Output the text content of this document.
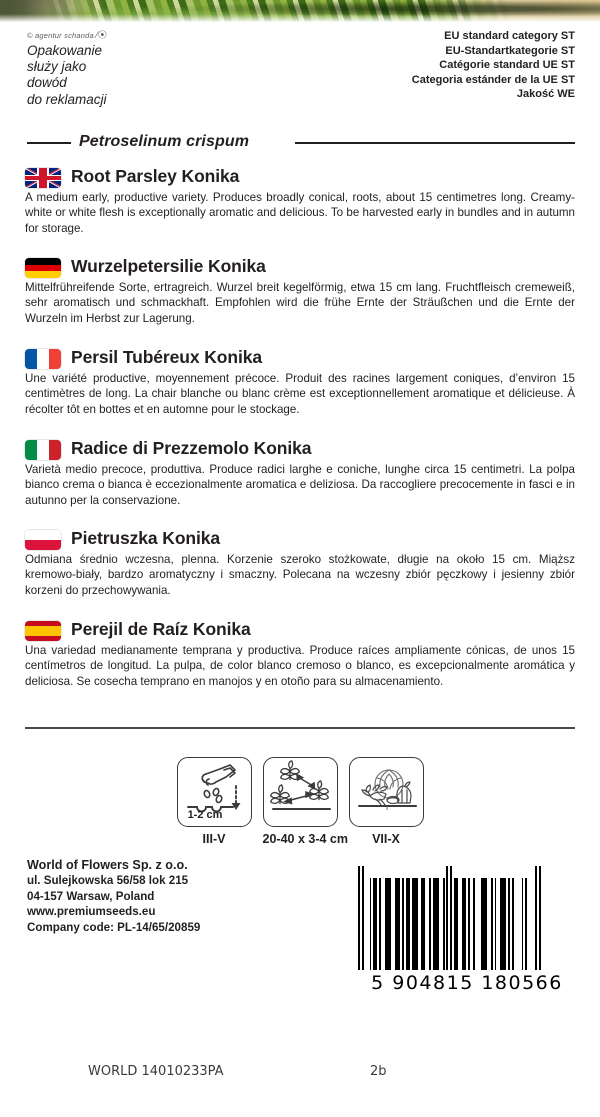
© agentur schanda ⁄⦿
Opakowanie
służy jako
dowód
do reklamacji
EU standard category ST
EU-Standartkategorie ST
Catégorie standard UE ST
Categoria estánder de la UE ST
Jakość WE
Petroselinum crispum
Root Parsley Konika
A medium early, productive variety. Produces broadly conical, roots, about 15 centimetres long. Creamy-white or white flesh is exceptionally aromatic and delicious. To be harvested early in bundles and in autumn for storage.
Wurzelpetersilie Konika
Mittelfrühreifende Sorte, ertragreich. Wurzel breit kegelförmig, etwa 15 cm lang. Fruchtfleisch cremeweiß, sehr aromatisch und schmackhaft. Empfohlen wird die frühe Ernte der Sträußchen und die Ernte der Wurzeln im Herbst zur Lagerung.
Persil Tubéreux Konika
Une variété productive, moyennement précoce. Produit des racines largement coniques, d’environ 15 centimètres de long. La chair blanche ou blanc crème est exceptionnellement aromatique et délicieuse. À récolter tôt en bottes et en automne pour le stockage.
Radice di Prezzemolo Konika
Varietà medio precoce, produttiva. Produce radici larghe e coniche, lunghe circa 15 centimetri. La polpa bianco crema o bianca è eccezionalmente aromatica e deliziosa. Da raccogliere precocemente in fasci e in autunno per la conservazione.
Pietruszka Konika
Odmiana średnio wczesna, plenna. Korzenie szeroko stożkowate, długie na około 15 cm. Miąższ kremowo-biały, bardzo aromatyczny i smaczny. Polecana na wczesny zbiór pęczkowy i jesienny zbiór korzeni do przechowywania.
Perejil de Raíz Konika
Una variedad medianamente temprana y productiva. Produce raíces ampliamente cónicas, de unos 15 centímetros de longitud. La pulpa, de color blanco cremoso o blanco, es excepcionalmente aromática y deliciosa. Se cosecha temprano en manojos y en otoño para su almacenamiento.
1-2 cm
III-V	20-40 x 3-4 cm	VII-X
World of Flowers Sp. z o.o.
ul. Sulejkowska 56/58 lok 215
04-157 Warsaw, Poland
www.premiumseeds.eu
Company code: PL-14/65/20859
5 904815 180566
WORLD 14010233PA	2b
